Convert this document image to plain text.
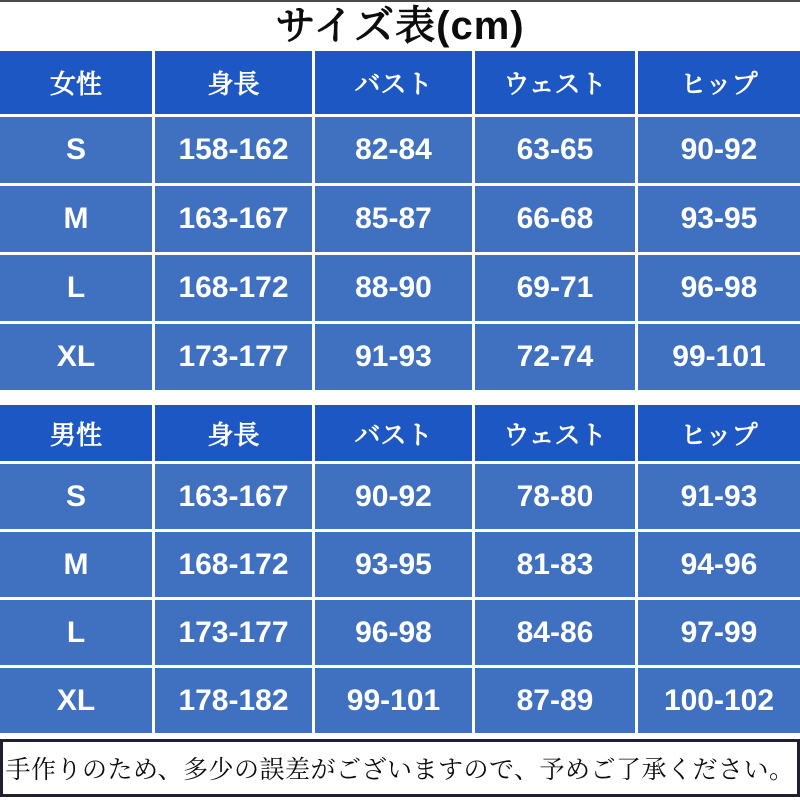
サイズ表(cm)
女性	身長	バスト	ウェスト	ヒップ
S	158-162	82-84	63-65	90-92
M	163-167	85-87	66-68	93-95
L	168-172	88-90	69-71	96-98
XL	173-177	91-93	72-74	99-101
男性	身長	バスト	ウェスト	ヒップ
S	163-167	90-92	78-80	91-93
M	168-172	93-95	81-83	94-96
L	173-177	96-98	84-86	97-99
XL	178-182	99-101	87-89	100-102
手作りのため、多少の誤差がございますので、予めご了承ください。
